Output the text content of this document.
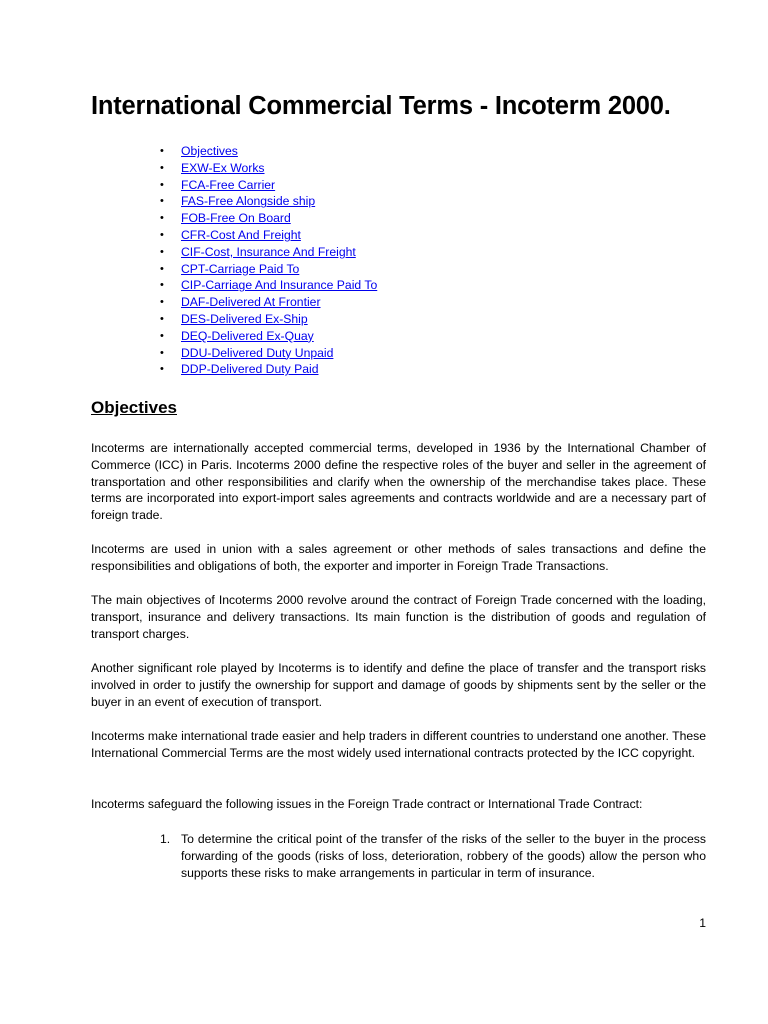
International Commercial Terms - Incoterm 2000.
• Objectives
• EXW-Ex Works
• FCA-Free Carrier
• FAS-Free Alongside ship
• FOB-Free On Board
• CFR-Cost And Freight
• CIF-Cost, Insurance And Freight
• CPT-Carriage Paid To
• CIP-Carriage And Insurance Paid To
• DAF-Delivered At Frontier
• DES-Delivered Ex-Ship
• DEQ-Delivered Ex-Quay
• DDU-Delivered Duty Unpaid
• DDP-Delivered Duty Paid
Objectives

Incoterms are internationally accepted commercial terms, developed in 1936 by the International Chamber of Commerce (ICC) in Paris. Incoterms 2000 define the respective roles of the buyer and seller in the agreement of transportation and other responsibilities and clarify when the ownership of the merchandise takes place. These terms are incorporated into export-import sales agreements and contracts worldwide and are a necessary part of foreign trade.

Incoterms are used in union with a sales agreement or other methods of sales transactions and define the responsibilities and obligations of both, the exporter and importer in Foreign Trade Transactions.

The main objectives of Incoterms 2000 revolve around the contract of Foreign Trade concerned with the loading, transport, insurance and delivery transactions. Its main function is the distribution of goods and regulation of transport charges.

Another significant role played by Incoterms is to identify and define the place of transfer and the transport risks involved in order to justify the ownership for support and damage of goods by shipments sent by the seller or the buyer in an event of execution of transport.

Incoterms make international trade easier and help traders in different countries to understand one another. These International Commercial Terms are the most widely used international contracts protected by the ICC copyright.

Incoterms safeguard the following issues in the Foreign Trade contract or International Trade Contract:

1. To determine the critical point of the transfer of the risks of the seller to the buyer in the process forwarding of the goods (risks of loss, deterioration, robbery of the goods) allow the person who supports these risks to make arrangements in particular in term of insurance.
1
